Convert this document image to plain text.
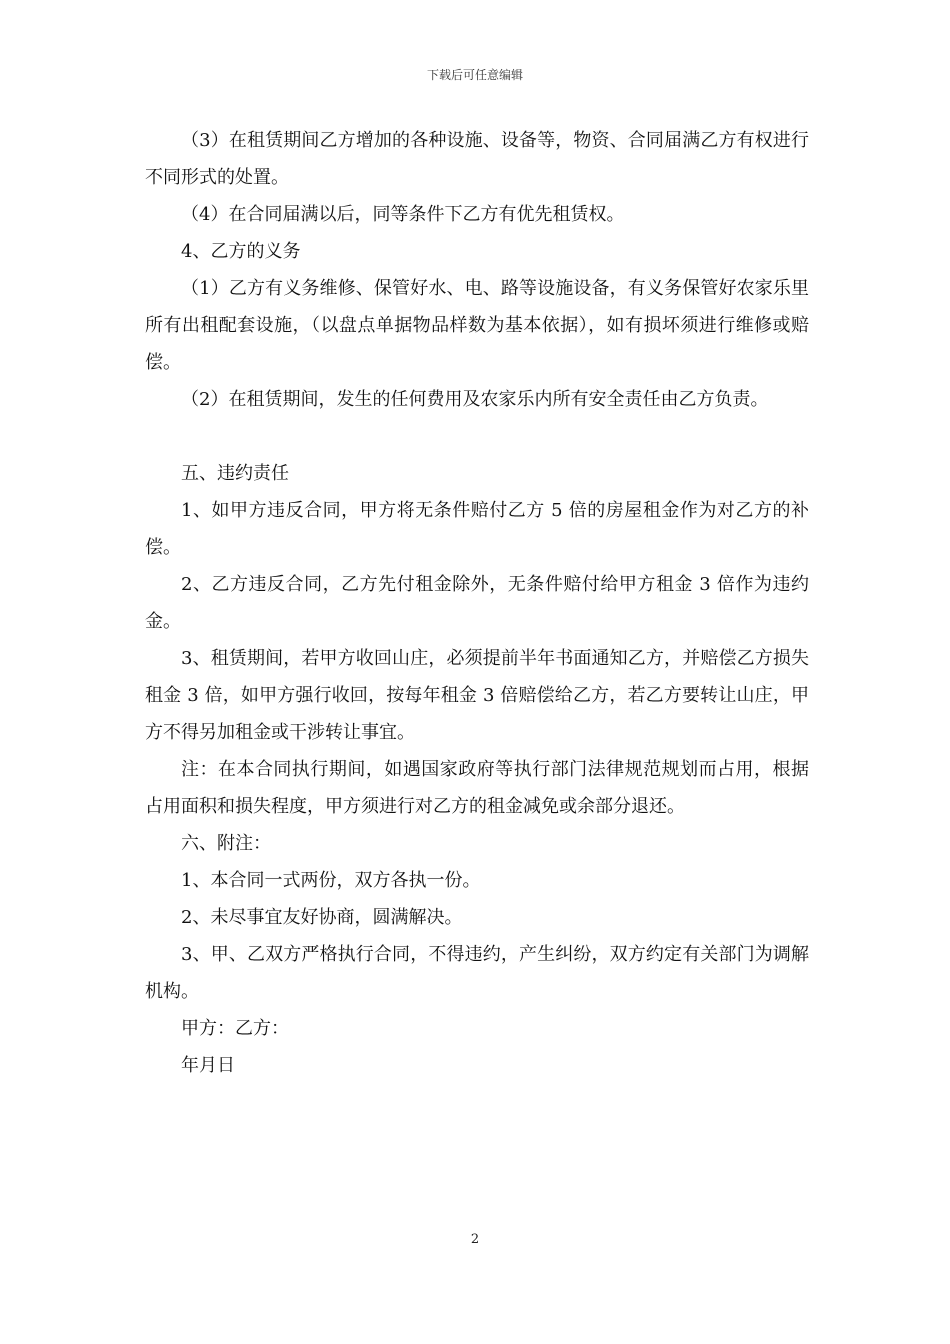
下载后可任意编辑

（3）在租赁期间乙方增加的各种设施、设备等，物资、合同届满乙方有权进行不同形式的处置。

（4）在合同届满以后，同等条件下乙方有优先租赁权。

4、乙方的义务

（1）乙方有义务维修、保管好水、电、路等设施设备，有义务保管好农家乐里所有出租配套设施，（以盘点单据物品样数为基本依据），如有损坏须进行维修或赔偿。

（2）在租赁期间，发生的任何费用及农家乐内所有安全责任由乙方负责。

五、违约责任

1、如甲方违反合同，甲方将无条件赔付乙方 5 倍的房屋租金作为对乙方的补偿。

2、乙方违反合同，乙方先付租金除外，无条件赔付给甲方租金 3 倍作为违约金。

3、租赁期间，若甲方收回山庄，必须提前半年书面通知乙方，并赔偿乙方损失租金 3 倍，如甲方强行收回，按每年租金 3 倍赔偿给乙方，若乙方要转让山庄，甲方不得另加租金或干涉转让事宜。

注：在本合同执行期间，如遇国家政府等执行部门法律规范规划而占用，根据占用面积和损失程度，甲方须进行对乙方的租金减免或余部分退还。

六、附注：

1、本合同一式两份，双方各执一份。

2、未尽事宜友好协商，圆满解决。

3、甲、乙双方严格执行合同，不得违约，产生纠纷，双方约定有关部门为调解机构。

甲方：乙方：

年月日

2
